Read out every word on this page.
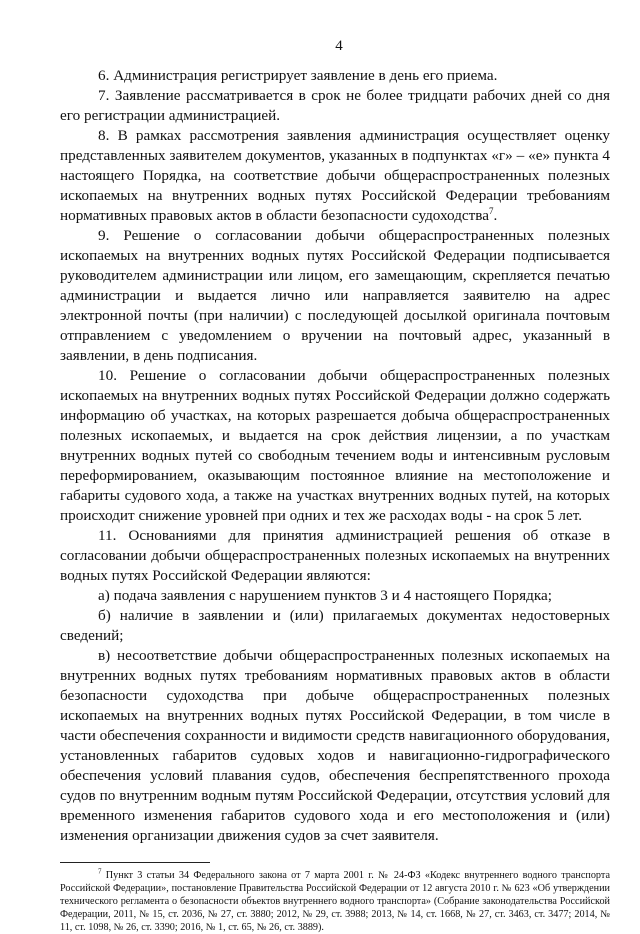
4

6. Администрация регистрирует заявление в день его приема.

7. Заявление рассматривается в срок не более тридцати рабочих дней со дня его регистрации администрацией.

8. В рамках рассмотрения заявления администрация осуществляет оценку представленных заявителем документов, указанных в подпунктах «г» – «е» пункта 4 настоящего Порядка, на соответствие добычи общераспространенных полезных ископаемых на внутренних водных путях Российской Федерации требованиям нормативных правовых актов в области безопасности судоходства$^7$.

9. Решение о согласовании добычи общераспространенных полезных ископаемых на внутренних водных путях Российской Федерации подписывается руководителем администрации или лицом, его замещающим, скрепляется печатью администрации и выдается лично или направляется заявителю на адрес электронной почты (при наличии) с последующей досылкой оригинала почтовым отправлением с уведомлением о вручении на почтовый адрес, указанный в заявлении, в день подписания.

10. Решение о согласовании добычи общераспространенных полезных ископаемых на внутренних водных путях Российской Федерации должно содержать информацию об участках, на которых разрешается добыча общераспространенных полезных ископаемых, и выдается на срок действия лицензии, а по участкам внутренних водных путей со свободным течением воды и интенсивным русловым переформированием, оказывающим постоянное влияние на местоположение и габариты судового хода, а также на участках внутренних водных путей, на которых происходит снижение уровней при одних и тех же расходах воды - на срок 5 лет.

11. Основаниями для принятия администрацией решения об отказе в согласовании добычи общераспространенных полезных ископаемых на внутренних водных путях Российской Федерации являются:

а) подача заявления с нарушением пунктов 3 и 4 настоящего Порядка;

б) наличие в заявлении и (или) прилагаемых документах недостоверных сведений;

в) несоответствие добычи общераспространенных полезных ископаемых на внутренних водных путях требованиям нормативных правовых актов в области безопасности судоходства при добыче общераспространенных полезных ископаемых на внутренних водных путях Российской Федерации, в том числе в части обеспечения сохранности и видимости средств навигационного оборудования, установленных габаритов судовых ходов и навигационно-гидрографического обеспечения условий плавания судов, обеспечения беспрепятственного прохода судов по внутренним водным путям Российской Федерации, отсутствия условий для временного изменения габаритов судового хода и его местоположения и (или) изменения организации движения судов за счет заявителя.

$^7$ Пункт 3 статьи 34 Федерального закона от 7 марта 2001 г. № 24-ФЗ «Кодекс внутреннего водного транспорта Российской Федерации», постановление Правительства Российской Федерации от 12 августа 2010 г. № 623 «Об утверждении технического регламента о безопасности объектов внутреннего водного транспорта» (Собрание законодательства Российской Федерации, 2011, № 15, ст. 2036, № 27, ст. 3880; 2012, № 29, ст. 3988; 2013, № 14, ст. 1668, № 27, ст. 3463, ст. 3477; 2014, № 11, ст. 1098, № 26, ст. 3390; 2016, № 1, ст. 65, № 26, ст. 3889).
